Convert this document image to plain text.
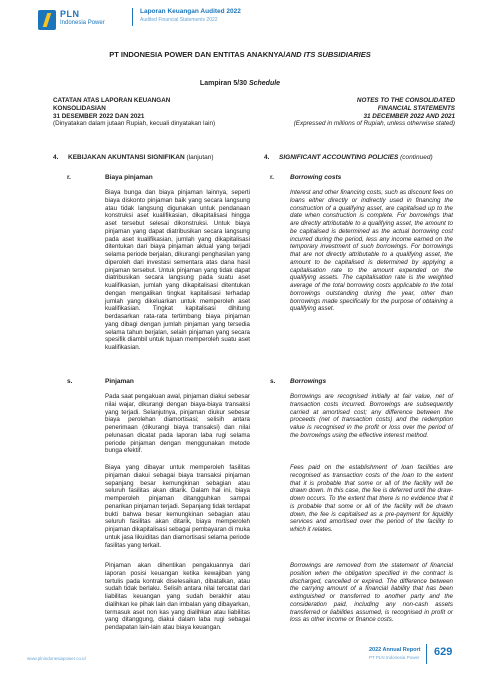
PLN
Indonesia Power
Laporan Keuangan Audited 2022
Audited Financial Statements 2022
PT INDONESIA POWER DAN ENTITAS ANAKNYA/AND ITS SUBSIDIARIES
Lampiran 5/30 Schedule
CATATAN ATAS LAPORAN KEUANGAN
KONSOLIDASIAN
31 DESEMBER 2022 DAN 2021
(Dinyatakan dalam jutaan Rupiah, kecuali dinyatakan lain)
NOTES TO THE CONSOLIDATED
FINANCIAL STATEMENTS
31 DECEMBER 2022 AND 2021
(Expressed in millions of Rupiah, unless otherwise stated)
4. KEBIJAKAN AKUNTANSI SIGNIFIKAN (lanjutan)	4. SIGNIFICANT ACCOUNTING POLICIES (continued)
r.	Biaya pinjaman	r. Borrowing costs
Biaya bunga dan biaya pinjaman lainnya, seperti biaya diskonto pinjaman baik yang secara langsung atau tidak langsung digunakan untuk pendanaan konstruksi aset kualifikasian, dikapitalisasi hingga aset tersebut selesai dikonstruksi. Untuk biaya pinjaman yang dapat diatribusikan secara langsung pada aset kualifikasian, jumlah yang dikapitalisasi ditentukan dari biaya pinjaman aktual yang terjadi selama periode berjalan, dikurangi penghasilan yang diperoleh dari investasi sementara atas dana hasil pinjaman tersebut. Untuk pinjaman yang tidak dapat diatribusikan secara langsung pada suatu aset kualifikasian, jumlah yang dikapitalisasi ditentukan dengan mengalikan tingkat kapitalisasi terhadap jumlah yang dikeluarkan untuk memperoleh aset kualifikasian. Tingkat kapitalisasi dihitung berdasarkan rata-rata tertimbang biaya pinjaman yang dibagi dengan jumlah pinjaman yang tersedia selama tahun berjalan, selain pinjaman yang secara spesifik diambil untuk tujuan memperoleh suatu aset kualifikasian.
Interest and other financing costs, such as discount fees on loans either directly or indirectly used in financing the construction of a qualifying asset, are capitalised up to the date when construction is complete. For borrowings that are directly attributable to a qualifying asset, the amount to be capitalised is determined as the actual borrowing cost incurred during the period, less any income earned on the temporary investment of such borrowings. For borrowings that are not directly attributable to a qualifying asset, the amount to be capitalised is determined by applying a capitalisation rate to the amount expended on the qualifying assets. The capitalisation rate is the weighted average of the total borrowing costs applicable to the total borrowings outstanding during the year, other than borrowings made specifically for the purpose of obtaining a qualifying asset.
s.	Pinjaman	s. Borrowings
Pada saat pengakuan awal, pinjaman diakui sebesar nilai wajar, dikurangi dengan biaya-biaya transaksi yang terjadi. Selanjutnya, pinjaman diukur sebesar biaya perolehan diamortisasi; selisih antara penerimaan (dikurangi biaya transaksi) dan nilai pelunasan dicatat pada laporan laba rugi selama periode pinjaman dengan menggunakan metode bunga efektif.
Borrowings are recognised initially at fair value, net of transaction costs incurred. Borrowings are subsequently carried at amortised cost; any difference between the proceeds (net of transaction costs) and the redemption value is recognised in the profit or loss over the period of the borrowings using the effective interest method.
Biaya yang dibayar untuk memperoleh fasilitas pinjaman diakui sebagai biaya transaksi pinjaman sepanjang besar kemungkinan sebagian atau seluruh fasilitas akan ditarik. Dalam hal ini, biaya memperoleh pinjaman ditangguhkan sampai penarikan pinjaman terjadi. Sepanjang tidak terdapat bukti bahwa besar kemungkinan sebagian atau seluruh fasilitas akan ditarik, biaya memperoleh pinjaman dikapitalisasi sebagai pembayaran di muka untuk jasa likuiditas dan diamortisasi selama periode fasilitas yang terkait.
Fees paid on the establishment of loan facilities are recognised as transaction costs of the loan to the extent that it is probable that some or all of the facility will be drawn down. In this case, the fee is deferred until the draw-down occurs. To the extent that there is no evidence that it is probable that some or all of the facility will be drawn down, the fee is capitalised as a pre-payment for liquidity services and amortised over the period of the facility to which it relates.
Pinjaman akan dihentikan pengakuannya dari laporan posisi keuangan ketika kewajiban yang tertulis pada kontrak diselesaikan, dibatalkan, atau sudah tidak berlaku. Selisih antara nilai tercatat dari liabilitas keuangan yang sudah berakhir atau dialihkan ke pihak lain dan imbalan yang dibayarkan, termasuk aset non kas yang dialihkan atau liabilitas yang ditanggung, diakui dalam laba rugi sebagai pendapatan lain-lain atau biaya keuangan.
Borrowings are removed from the statement of financial position when the obligation specified in the contract is discharged, cancelled or expired. The difference between the carrying amount of a financial liability that has been extinguished or transferred to another party and the consideration paid, including any non-cash assets transferred or liabilities assumed, is recognised in profit or loss as other income or finance costs.
www.plnindonesiapower.co.id
2022 Annual Report
PT PLN Indonesia Power 629
